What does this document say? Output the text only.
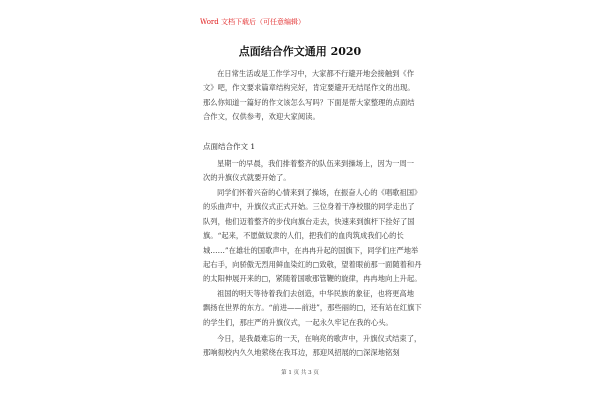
Word 文档下载后（可任意编辑）
点面结合作文通用 2020
在日常生活或是工作学习中，大家都不行避开地会接触到《作
文》吧，作文要求篇章结构完好，肯定要避开无结尾作文的出现。
那么你知道一篇好的作文该怎么写吗？下面是帮大家整理的点面结
合作文，仅供参考，欢迎大家阅读。
点面结合作文 1
星期一的早晨，我们排着整齐的队伍来到操场上，因为一周一
次的升旗仪式就要开始了。
同学们怀着兴奋的心情来到了操场，在振奋人心的《唱歌祖国》
的乐曲声中，升旗仪式正式开始。三位身着干净校服的同学走出了
队列，他们迈着整齐的步伐向旗台走去，快速来到旗杆下拴好了国
旗。“起来，不愿做奴隶的人们，把我们的血肉筑成我们心的长
城……”在雄壮的国歌声中，在冉冉升起的国旗下，同学们庄严地举
起右手，向骄傲无烈用鲜血染红的□致敬，望着眼前那一面随着和丹
的太阳伸展开来的□，紧随着国歌那管鞭的旋律，冉冉地向上升起。
祖国的明天等待着我们去创造，中华民族的象征，也将更高地
飘扬在世界的东方。“前进——前进”，那些丽的□，还有站在红旗下
的学生们，那庄严的升旗仪式，一起永久牢记在我的心头。
今日，是我最难忘的一天，在响亮的歌声中，升旗仪式结束了，
那响彻校内久久地萦绕在我耳边，那迎风招展的□深深地铭刻
第 1 页 共 3 页
